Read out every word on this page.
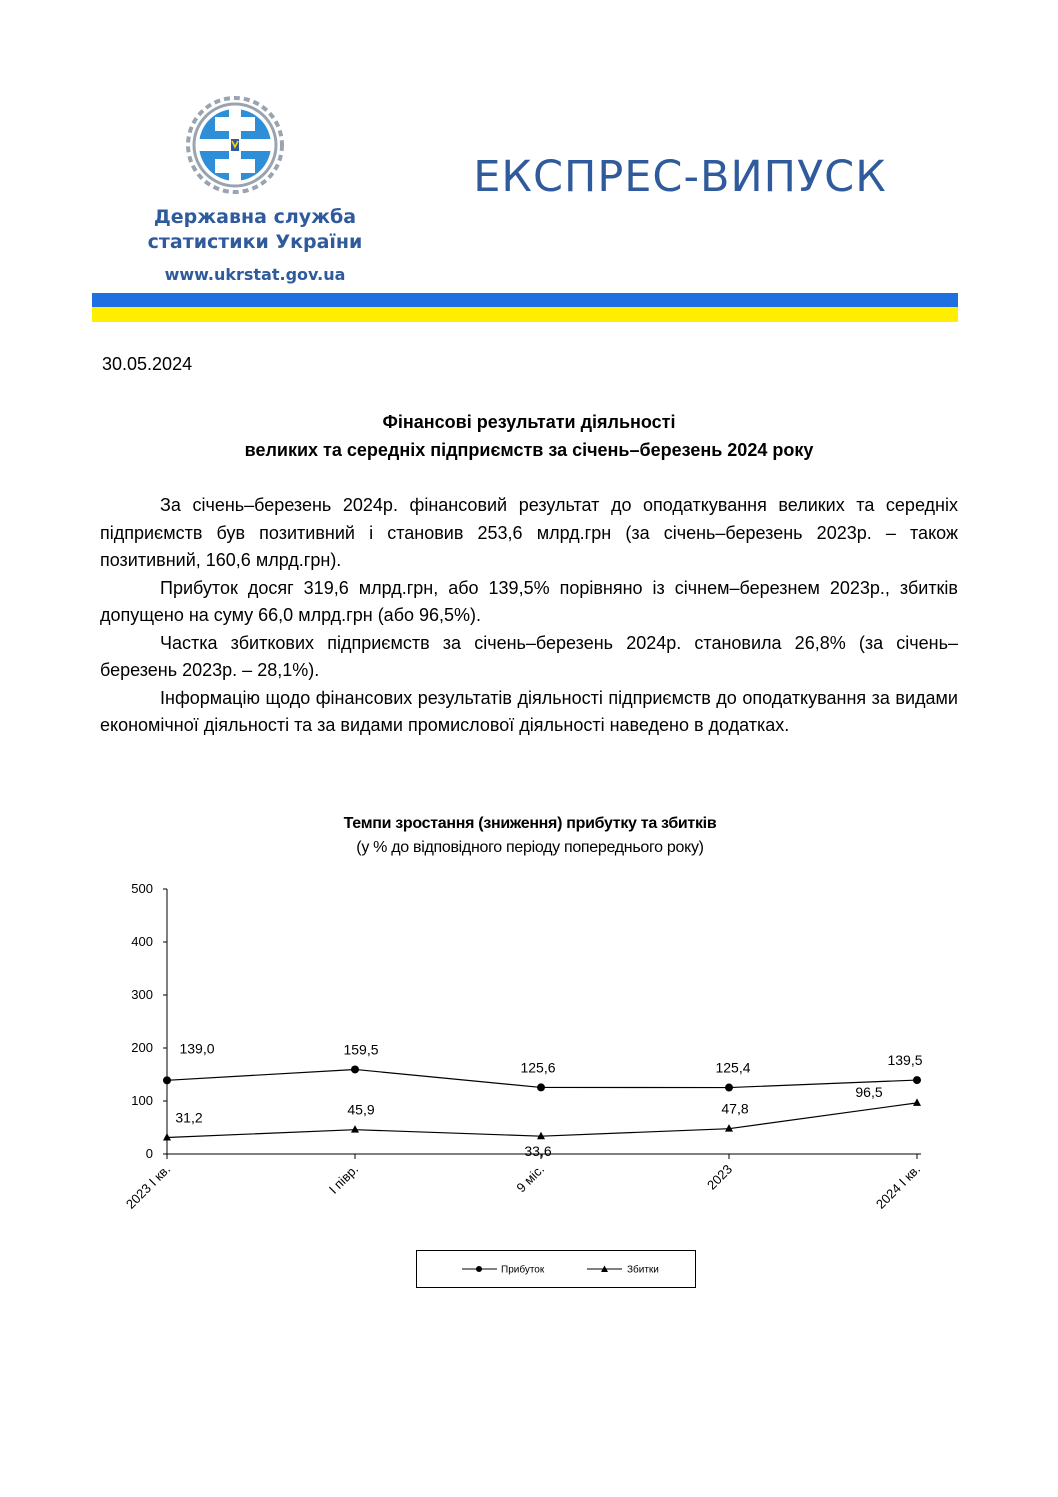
Державна служба
статистики України
www.ukrstat.gov.ua
ЕКСПРЕС-ВИПУСК
30.05.2024
Фінансові результати діяльності
великих та середніх підприємств за січень–березень 2024 року

За січень–березень 2024р. фінансовий результат до оподаткування великих та середніх підприємств був позитивний і становив 253,6 млрд.грн (за січень–березень 2023р. – також позитивний, 160,6 млрд.грн).

Прибуток досяг 319,6 млрд.грн, або 139,5% порівняно із січнем–березнем 2023р., збитків допущено на суму 66,0 млрд.грн (або 96,5%).

Частка збиткових підприємств за січень–березень 2024р. становила 26,8% (за січень–березень 2023р. – 28,1%).

Інформацію щодо фінансових результатів діяльності підприємств до оподаткування за видами економічної діяльності та за видами промислової діяльності наведено в додатках.

Темпи зростання (зниження) прибутку та збитків
(у % до відповідного періоду попереднього року)
0
100
200
300
400
500
2023 І кв.	І півр.	9 міс.	2023	2024 І кв.
139,0	159,5
125,6	125,4	139,5
31,2	45,9
33,6
47,8
96,5
Прибуток	Збитки
